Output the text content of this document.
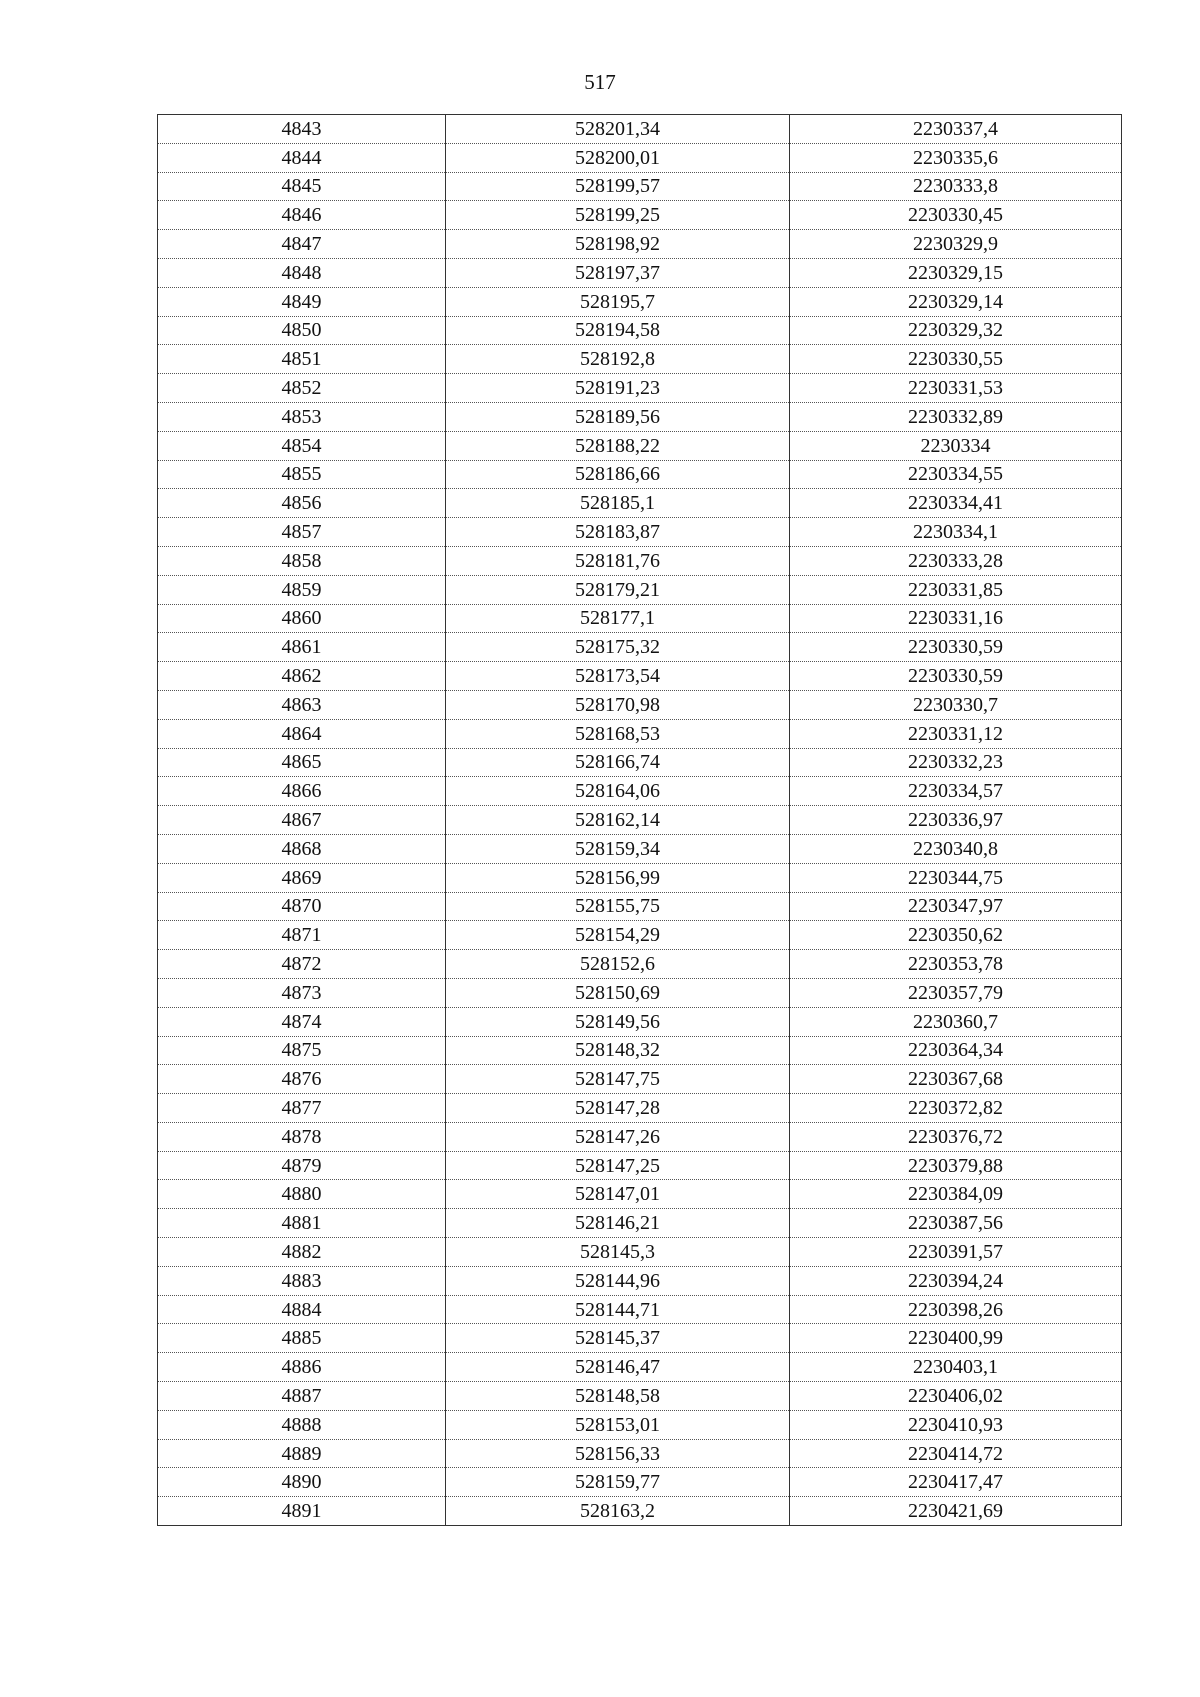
517
4843	528201,34	2230337,4
4844	528200,01	2230335,6
4845	528199,57	2230333,8
4846	528199,25	2230330,45
4847	528198,92	2230329,9
4848	528197,37	2230329,15
4849	528195,7	2230329,14
4850	528194,58	2230329,32
4851	528192,8	2230330,55
4852	528191,23	2230331,53
4853	528189,56	2230332,89
4854	528188,22	2230334
4855	528186,66	2230334,55
4856	528185,1	2230334,41
4857	528183,87	2230334,1
4858	528181,76	2230333,28
4859	528179,21	2230331,85
4860	528177,1	2230331,16
4861	528175,32	2230330,59
4862	528173,54	2230330,59
4863	528170,98	2230330,7
4864	528168,53	2230331,12
4865	528166,74	2230332,23
4866	528164,06	2230334,57
4867	528162,14	2230336,97
4868	528159,34	2230340,8
4869	528156,99	2230344,75
4870	528155,75	2230347,97
4871	528154,29	2230350,62
4872	528152,6	2230353,78
4873	528150,69	2230357,79
4874	528149,56	2230360,7
4875	528148,32	2230364,34
4876	528147,75	2230367,68
4877	528147,28	2230372,82
4878	528147,26	2230376,72
4879	528147,25	2230379,88
4880	528147,01	2230384,09
4881	528146,21	2230387,56
4882	528145,3	2230391,57
4883	528144,96	2230394,24
4884	528144,71	2230398,26
4885	528145,37	2230400,99
4886	528146,47	2230403,1
4887	528148,58	2230406,02
4888	528153,01	2230410,93
4889	528156,33	2230414,72
4890	528159,77	2230417,47
4891	528163,2	2230421,69
